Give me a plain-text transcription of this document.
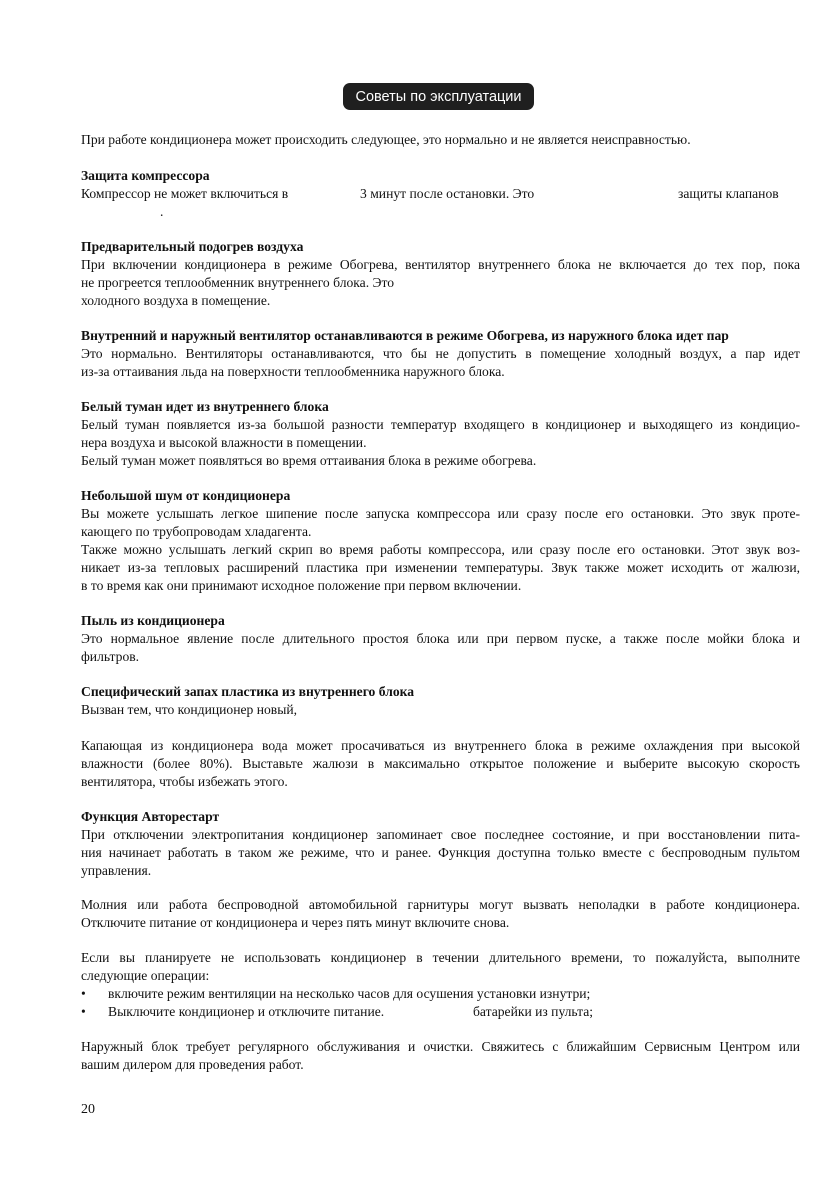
Советы по эксплуатации
При работе кондиционера может происходить следующее, это нормально и не является неисправностью.
Защита компрессора
Компрессор не может включиться в	3 минут после остановки. Это	защиты клапанов
.
Предварительный подогрев воздуха
При включении кондиционера в режиме Обогрева, вентилятор внутреннего блока не включается до тех пор, пока
не прогреется теплообменник внутреннего блока. Это
холодного воздуха в помещение.
Внутренний и наружный вентилятор останавливаются в режиме Обогрева, из наружного блока идет пар
Это нормально. Вентиляторы останавливаются, что бы не допустить в помещение холодный воздух, а пар идет
из-за оттаивания льда на поверхности теплообменника наружного блока.
Белый туман идет из внутреннего блока
Белый туман появляется из-за большой разности температур входящего в кондиционер и выходящего из кондицио-
нера воздуха и высокой влажности в помещении.
Белый туман может появляться во время оттаивания блока в режиме обогрева.
Небольшой шум от кондиционера
Вы можете услышать легкое шипение после запуска компрессора или сразу после его остановки. Это звук проте-
кающего по трубопроводам хладагента.
Также можно услышать легкий скрип во время работы компрессора, или сразу после его остановки. Этот звук воз-
никает из-за тепловых расширений пластика при изменении температуры. Звук также может исходить от жалюзи,
в то время как они принимают исходное положение при первом включении.
Пыль из кондиционера
Это нормальное явление после длительного простоя блока или при первом пуске, а также после мойки блока и
фильтров.
Специфический запах пластика из внутреннего блока
Вызван тем, что кондиционер новый,
Капающая из кондиционера вода может просачиваться из внутреннего блока в режиме охлаждения при высокой
влажности (более 80%). Выставьте жалюзи в максимально открытое положение и выберите высокую скорость
вентилятора, чтобы избежать этого.
Функция Авторестарт
При отключении электропитания кондиционер запоминает свое последнее состояние, и при восстановлении пита-
ния начинает работать в таком же режиме, что и ранее. Функция доступна только вместе с беспроводным пультом
управления.
Молния или работа беспроводной автомобильной гарнитуры могут вызвать неполадки в работе кондиционера.
Отключите питание от кондиционера и через пять минут включите снова.
Если вы планируете не использовать кондиционер в течении длительного времени, то пожалуйста, выполните
следующие операции:
• включите режим вентиляции на несколько часов для осушения установки изнутри;
• Выключите кондиционер и отключите питание.	батарейки из пульта;
Наружный блок требует регулярного обслуживания и очистки. Свяжитесь с ближайшим Сервисным Центром или
вашим дилером для проведения работ.
20
